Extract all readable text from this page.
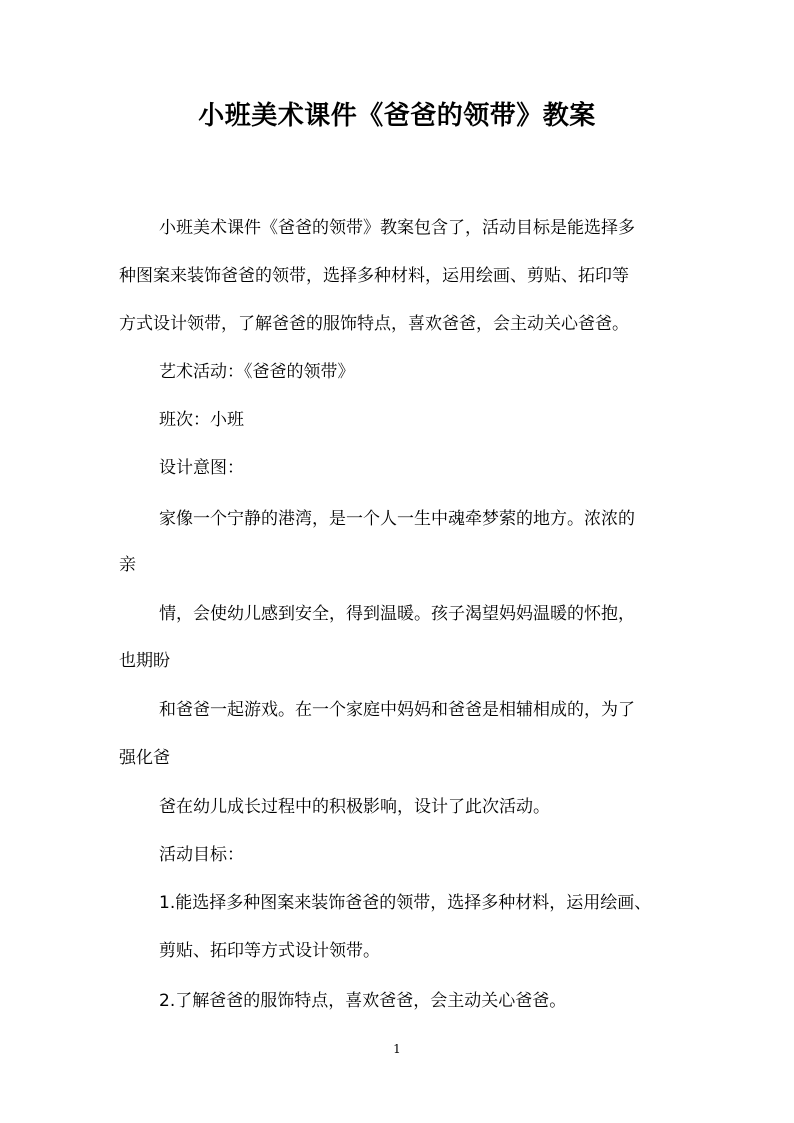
小班美术课件《爸爸的领带》教案
小班美术课件《爸爸的领带》教案包含了，活动目标是能选择多
种图案来装饰爸爸的领带，选择多种材料，运用绘画、剪贴、拓印等
方式设计领带，了解爸爸的服饰特点，喜欢爸爸，会主动关心爸爸。
艺术活动：《爸爸的领带》
班次：小班
设计意图：
家像一个宁静的港湾，是一个人一生中魂牵梦萦的地方。浓浓的
亲
情，会使幼儿感到安全，得到温暖。孩子渴望妈妈温暖的怀抱，
也期盼
和爸爸一起游戏。在一个家庭中妈妈和爸爸是相辅相成的，为了
强化爸
爸在幼儿成长过程中的积极影响，设计了此次活动。
活动目标：
1.能选择多种图案来装饰爸爸的领带，选择多种材料，运用绘画、
剪贴、拓印等方式设计领带。
2.了解爸爸的服饰特点，喜欢爸爸，会主动关心爸爸。
1
